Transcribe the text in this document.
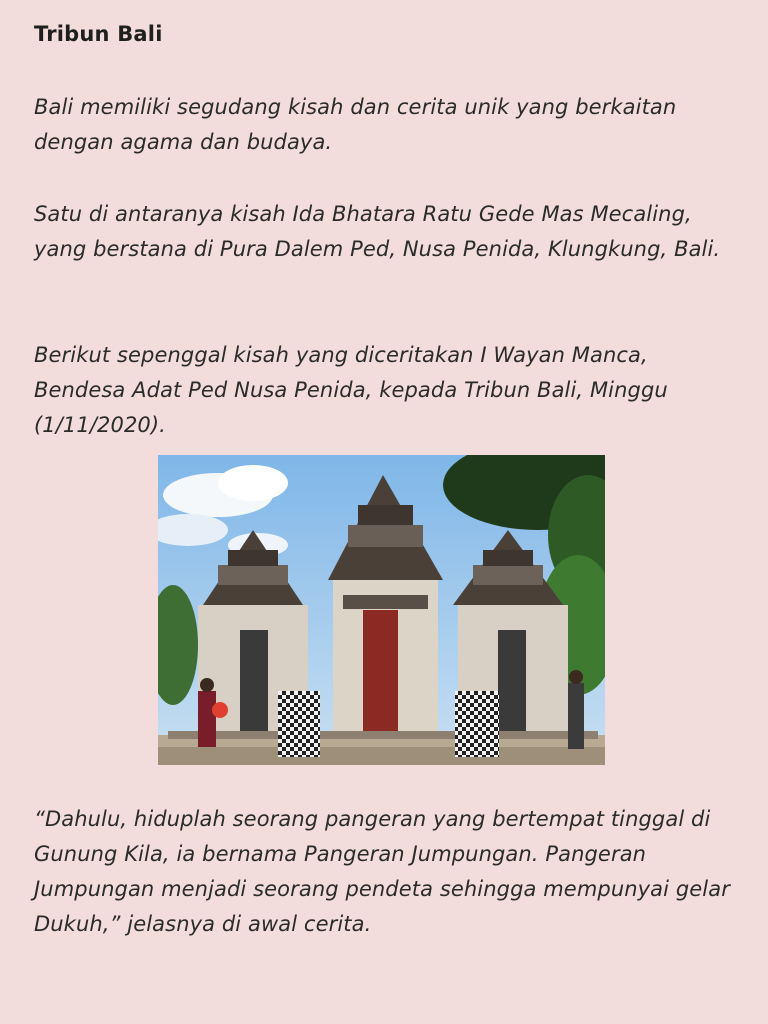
Tribun Bali

Bali memiliki segudang kisah dan cerita unik yang berkaitan dengan agama dan budaya.

Satu di antaranya kisah Ida Bhatara Ratu Gede Mas Mecaling, yang berstana di Pura Dalem Ped, Nusa Penida, Klungkung, Bali.

Berikut sepenggal kisah yang diceritakan I Wayan Manca, Bendesa Adat Ped Nusa Penida, kepada Tribun Bali, Minggu (1/11/2020).

“Dahulu, hiduplah seorang pangeran yang bertempat tinggal di Gunung Kila, ia bernama Pangeran Jumpungan. Pangeran Jumpungan menjadi seorang pendeta sehingga mempunyai gelar Dukuh,” jelasnya di awal cerita.
